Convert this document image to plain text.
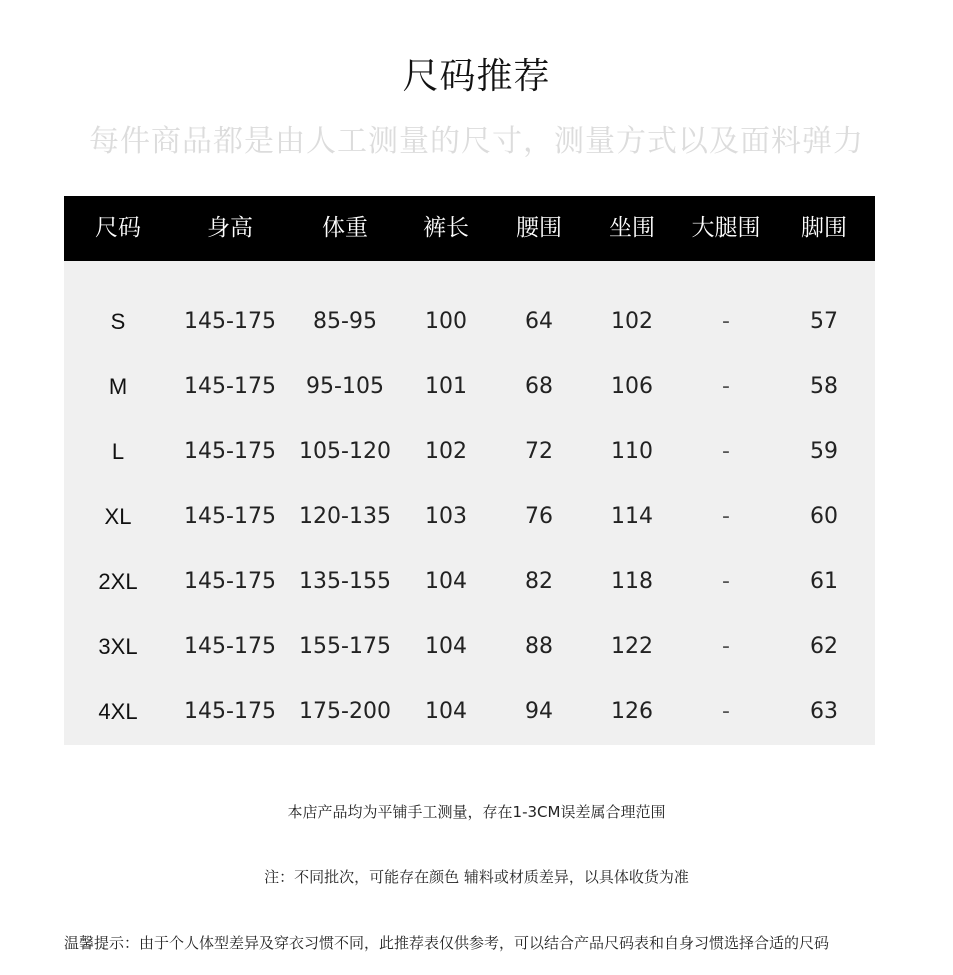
尺码推荐
每件商品都是由人工测量的尺寸，测量方式以及面料弹力
尺码	身高	体重	裤长	腰围	坐围	大腿围	脚围
S	145-175	85-95	100	64	102	-	57
M	145-175	95-105	101	68	106	-	58
L	145-175	105-120	102	72	110	-	59
XL	145-175	120-135	103	76	114	-	60
2XL	145-175	135-155	104	82	118	-	61
3XL	145-175	155-175	104	88	122	-	62
4XL	145-175	175-200	104	94	126	-	63
本店产品均为平铺手工测量，存在1-3CM误差属合理范围
注：不同批次，可能存在颜色 辅料或材质差异，以具体收货为准
温馨提示：由于个人体型差异及穿衣习惯不同，此推荐表仅供参考，可以结合产品尺码表和自身习惯选择合适的尺码
